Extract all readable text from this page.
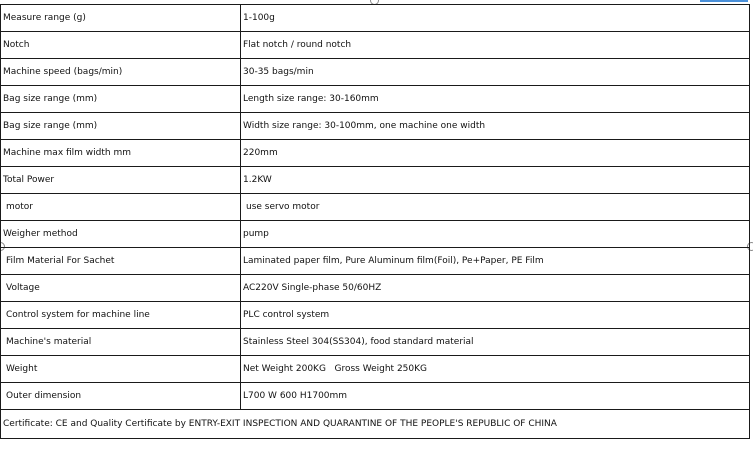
Measure range (g)	1-100g
Notch	Flat notch / round notch
Machine speed (bags/min)	30-35 bags/min
Bag size range (mm)	Length size range: 30-160mm
Bag size range (mm)	Width size range: 30-100mm, one machine one width
Machine max film width mm	220mm
Total Power	1.2KW
motor	use servo motor
Weigher method	pump
Film Material For Sachet	Laminated paper film, Pure Aluminum film(Foil), Pe+Paper, PE Film
Voltage	AC220V Single-phase 50/60HZ
Control system for machine line	PLC control system
Machine's material	Stainless Steel 304(SS304), food standard material
Weight	Net Weight 200KG   Gross Weight 250KG
Outer dimension	L700 W 600 H1700mm
Certificate: CE and Quality Certificate by ENTRY-EXIT INSPECTION AND QUARANTINE OF THE PEOPLE'S REPUBLIC OF CHINA	
